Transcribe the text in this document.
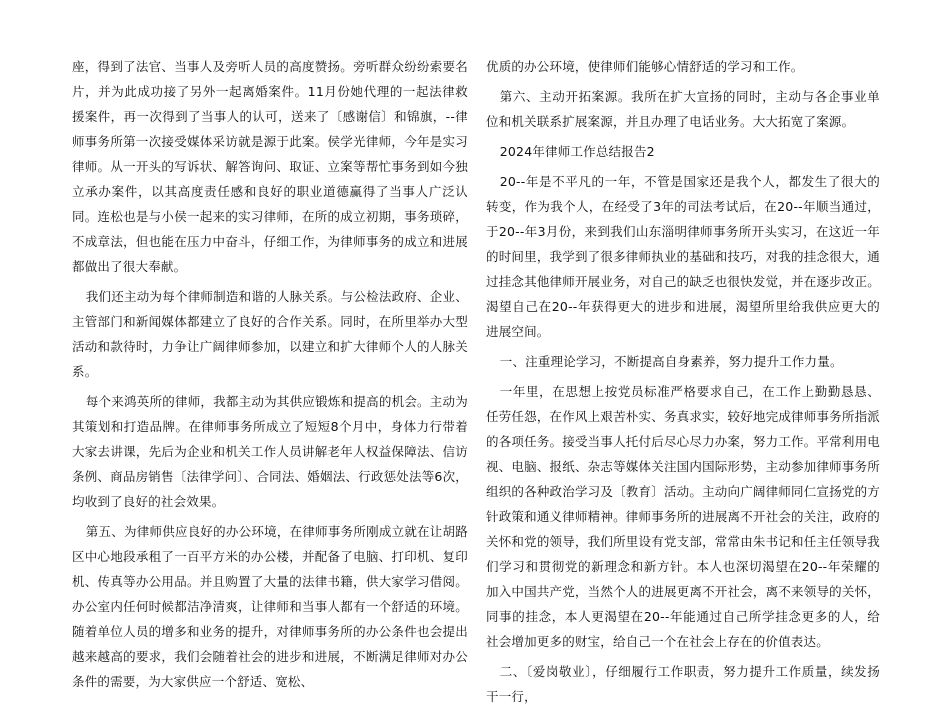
座，得到了法官、当事人及旁听人员的高度赞扬。旁听群众纷纷索要名片，并为此成功接了另外一起离婚案件。11月份她代理的一起法律救援案件，再一次得到了当事人的认可，送来了〔感谢信〕和锦旗，--律师事务所第一次接受媒体采访就是源于此案。侯学光律师，今年是实习律师。从一开头的写诉状、解答询问、取证、立案等帮忙事务到如今独立承办案件，以其高度责任感和良好的职业道德赢得了当事人广泛认同。连松也是与小侯一起来的实习律师，在所的成立初期，事务琐碎，不成章法，但也能在压力中奋斗，仔细工作，为律师事务的成立和进展都做出了很大奉献。

我们还主动为每个律师制造和谐的人脉关系。与公检法政府、企业、主管部门和新闻媒体都建立了良好的合作关系。同时，在所里举办大型活动和款待时，力争让广阔律师参加，以建立和扩大律师个人的人脉关系。

每个来鸿英所的律师，我都主动为其供应锻炼和提高的机会。主动为其策划和打造品牌。在律师事务所成立了短短8个月中，身体力行带着大家去讲课，先后为企业和机关工作人员讲解老年人权益保障法、信访条例、商品房销售〔法律学问〕、合同法、婚姻法、行政惩处法等6次，均收到了良好的社会效果。

第五、为律师供应良好的办公环境，在律师事务所刚成立就在让胡路区中心地段承租了一百平方米的办公楼，并配备了电脑、打印机、复印机、传真等办公用品。并且购置了大量的法律书籍，供大家学习借阅。办公室内任何时候都洁净清爽，让律师和当事人都有一个舒适的环境。随着单位人员的增多和业务的提升，对律师事务所的办公条件也会提出越来越高的要求，我们会随着社会的进步和进展，不断满足律师对办公条件的需要，为大家供应一个舒适、宽松、

优质的办公环境，使律师们能够心情舒适的学习和工作。

第六、主动开拓案源。我所在扩大宣扬的同时，主动与各企事业单位和机关联系扩展案源，并且办理了电话业务。大大拓宽了案源。

2024年律师工作总结报告2

20--年是不平凡的一年，不管是国家还是我个人，都发生了很大的转变，作为我个人，在经受了3年的司法考试后，在20--年顺当通过，于20--年3月份，来到我们山东淄明律师事务所开头实习，在这近一年的时间里，我学到了很多律师执业的基础和技巧，对我的挂念很大，通过挂念其他律师开展业务，对自己的缺乏也很快发觉，并在逐步改正。渴望自己在20--年获得更大的进步和进展，渴望所里给我供应更大的进展空间。

一、注重理论学习，不断提高自身素养，努力提升工作力量。

一年里，在思想上按党员标准严格要求自己，在工作上勤勤恳恳、任劳任怨，在作风上艰苦朴实、务真求实，较好地完成律师事务所指派的各项任务。接受当事人托付后尽心尽力办案，努力工作。平常利用电视、电脑、报纸、杂志等媒体关注国内国际形势，主动参加律师事务所组织的各种政治学习及〔教育〕活动。主动向广阔律师同仁宣扬党的方针政策和通义律师精神。律师事务所的进展离不开社会的关注，政府的关怀和党的领导，我们所里设有党支部，常常由朱书记和任主任领导我们学习和贯彻党的新理念和新方针。本人也深切渴望在20--年荣耀的加入中国共产党，当然个人的进展更离不开社会，离不来领导的关怀，同事的挂念，本人更渴望在20--年能通过自己所学挂念更多的人，给社会增加更多的财宝，给自己一个在社会上存在的价值表达。

二、〔爱岗敬业〕，仔细履行工作职责，努力提升工作质量，续发扬干一行，
